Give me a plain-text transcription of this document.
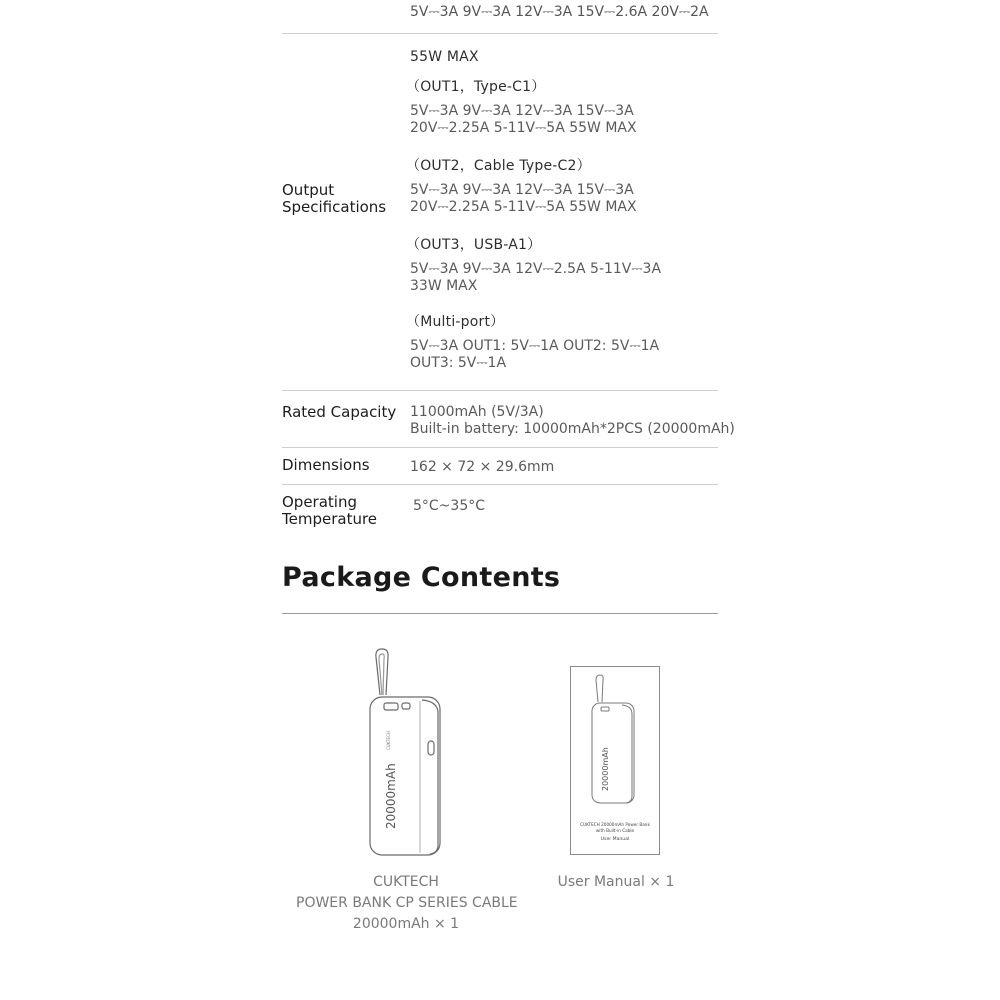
5V⎓3A 9V⎓3A 12V⎓3A 15V⎓2.6A 20V⎓2A
Output
Specifications
55W MAX
（OUT1，Type-C1）
5V⎓3A 9V⎓3A 12V⎓3A 15V⎓3A
20V⎓2.25A 5-11V⎓5A 55W MAX
（OUT2，Cable Type-C2）
5V⎓3A 9V⎓3A 12V⎓3A 15V⎓3A
20V⎓2.25A 5-11V⎓5A 55W MAX
（OUT3，USB-A1）
5V⎓3A 9V⎓3A 12V⎓2.5A 5-11V⎓3A
33W MAX
（Multi-port）
5V⎓3A OUT1: 5V⎓1A OUT2: 5V⎓1A
OUT3: 5V⎓1A
Rated Capacity 11000mAh (5V/3A)
Built-in battery: 10000mAh*2PCS (20000mAh)
Dimensions	162 × 72 × 29.6mm
Operating
Temperature
5°C~35°C
Package Contents
20000mAh
CUKTECH
CUKTECH
POWER BANK CP SERIES CABLE
20000mAh × 1
20000mAh
CUKTECH 20000mAh Power Bank
with Built-in Cable
User Manual
User Manual × 1
